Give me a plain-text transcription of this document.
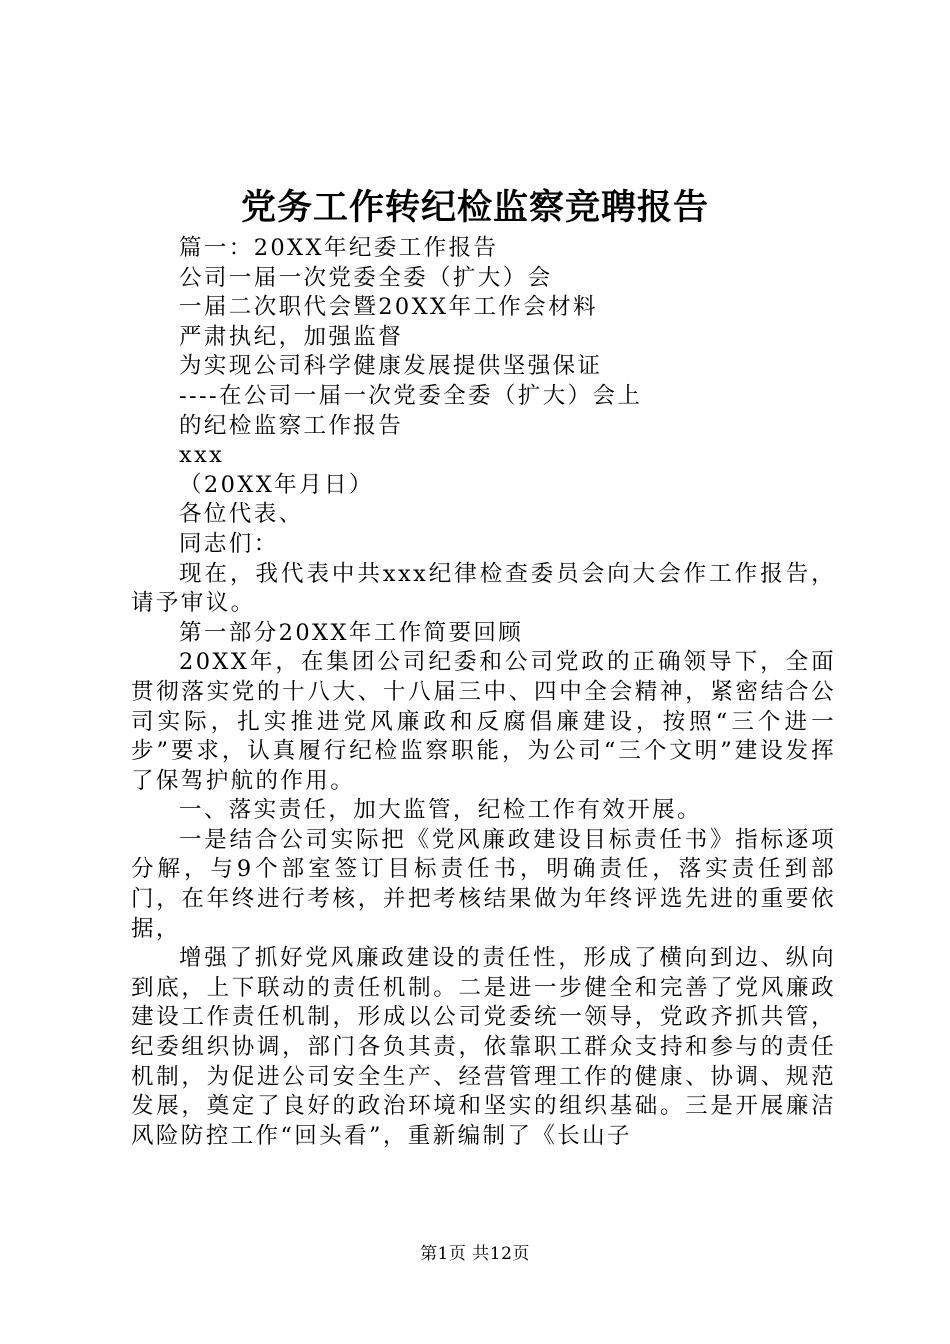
党务工作转纪检监察竞聘报告
篇一：20XX年纪委工作报告
公司一届一次党委全委（扩大）会
一届二次职代会暨20XX年工作会材料
严肃执纪，加强监督
为实现公司科学健康发展提供坚强保证
----在公司一届一次党委全委（扩大）会上
的纪检监察工作报告
xxx
（20XX年月日）
各位代表、
同志们：

现在，我代表中共xxx纪律检查委员会向大会作工作报告，请予审议。

第一部分20XX年工作简要回顾

20XX年，在集团公司纪委和公司党政的正确领导下，全面贯彻落实党的十八大、十八届三中、四中全会精神，紧密结合公司实际，扎实推进党风廉政和反腐倡廉建设，按照“三个进一步”要求，认真履行纪检监察职能，为公司“三个文明”建设发挥了保驾护航的作用。

一、落实责任，加大监管，纪检工作有效开展。

一是结合公司实际把《党风廉政建设目标责任书》指标逐项分解，与9个部室签订目标责任书，明确责任，落实责任到部门，在年终进行考核，并把考核结果做为年终评选先进的重要依据，

增强了抓好党风廉政建设的责任性，形成了横向到边、纵向到底，上下联动的责任机制。二是进一步健全和完善了党风廉政建设工作责任机制，形成以公司党委统一领导，党政齐抓共管，纪委组织协调，部门各负其责，依靠职工群众支持和参与的责任机制，为促进公司安全生产、经营管理工作的健康、协调、规范发展，奠定了良好的政治环境和坚实的组织基础。三是开展廉洁风险防控工作“回头看”，重新编制了《长山子

第1页 共12页
